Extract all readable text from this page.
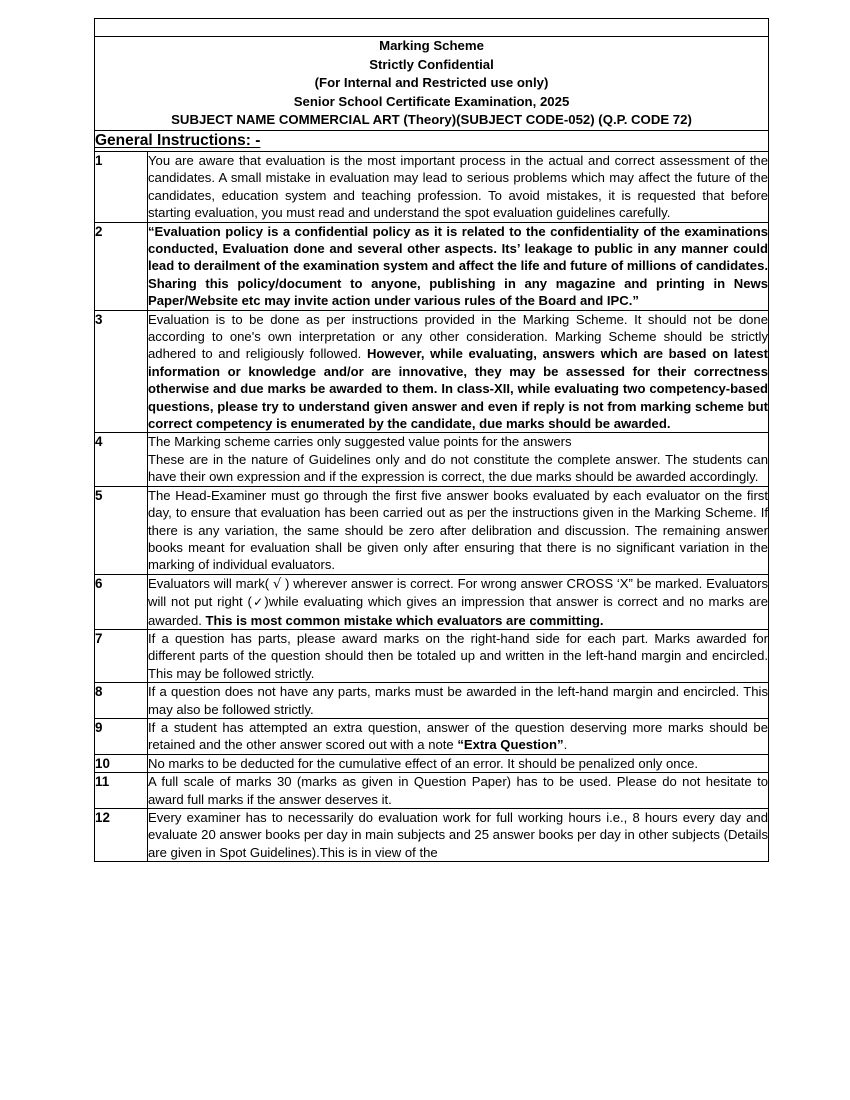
Marking Scheme
Strictly Confidential
(For Internal and Restricted use only)
Senior School Certificate Examination, 2025
SUBJECT NAME COMMERCIAL ART (Theory)(SUBJECT CODE-052) (Q.P. CODE 72)	

General Instructions: -	
1	You are aware that evaluation is the most important process in the actual and correct assessment of the candidates. A small mistake in evaluation may lead to serious problems which may affect the future of the candidates, education system and teaching profession. To avoid mistakes, it is requested that before starting evaluation, you must read and understand the spot evaluation guidelines carefully.

2	“Evaluation policy is a confidential policy as it is related to the confidentiality of the examinations conducted, Evaluation done and several other aspects. Its’ leakage to public in any manner could lead to derailment of the examination system and affect the life and future of millions of candidates. Sharing this policy/document to anyone, publishing in any magazine and printing in News Paper/Website etc may invite action under various rules of the Board and IPC.”

3	Evaluation is to be done as per instructions provided in the Marking Scheme. It should not be done according to one's own interpretation or any other consideration. Marking Scheme should be strictly adhered to and religiously followed. However, while evaluating, answers which are based on latest information or knowledge and/or are innovative, they may be assessed for their correctness otherwise and due marks be awarded to them. In class-XII, while evaluating two competency-based questions, please try to understand given answer and even if reply is not from marking scheme but correct competency is enumerated by the candidate, due marks should be awarded.

4	The Marking scheme carries only suggested value points for the answers

These are in the nature of Guidelines only and do not constitute the complete answer. The students can have their own expression and if the expression is correct, the due marks should be awarded accordingly.

5	The Head-Examiner must go through the first five answer books evaluated by each evaluator on the first day, to ensure that evaluation has been carried out as per the instructions given in the Marking Scheme. If there is any variation, the same should be zero after delibration and discussion. The remaining answer books meant for evaluation shall be given only after ensuring that there is no significant variation in the marking of individual evaluators.

6	Evaluators will mark( √ ) wherever answer is correct. For wrong answer CROSS ‘X” be marked. Evaluators will not put right (✓)while evaluating which gives an impression that answer is correct and no marks are awarded. This is most common mistake which evaluators are committing.

7	If a question has parts, please award marks on the right-hand side for each part. Marks awarded for different parts of the question should then be totaled up and written in the left-hand margin and encircled. This may be followed strictly.

8	If a question does not have any parts, marks must be awarded in the left-hand margin and encircled. This may also be followed strictly.

9	If a student has attempted an extra question, answer of the question deserving more marks should be retained and the other answer scored out with a note “Extra Question”.

10	No marks to be deducted for the cumulative effect of an error. It should be penalized only once.

11	A full scale of marks 30 (marks as given in Question Paper) has to be used. Please do not hesitate to award full marks if the answer deserves it.

12	Every examiner has to necessarily do evaluation work for full working hours i.e., 8 hours every day and evaluate 20 answer books per day in main subjects and 25 answer books per day in other subjects (Details are given in Spot Guidelines).This is in view of the
